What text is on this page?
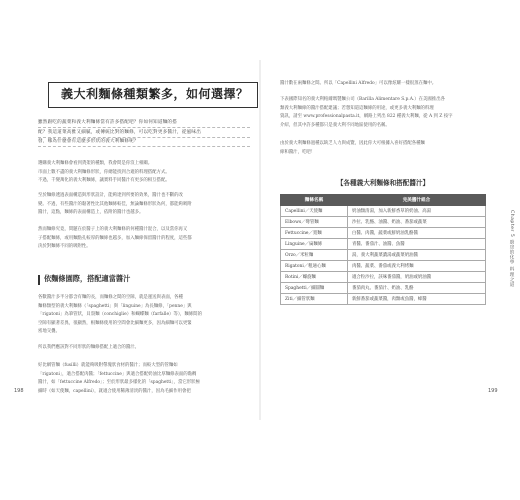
義大利麵條種類繁多，如何選擇？
雖然跟吃的蔬菜和義大利麵條當有許多搭配吧？你如何知道麵的搭
配？我這道菜高雅又細膩，或傳統比對的麵條，可以吃對更多醬汁，從風味出
發，哪為什麼會有這麼多形狀的義大利麵條呢？
選購義大利麵條會看到貨架的種類，我會問是你沒上相關。
市面上數不盡的義大利麵條形狀，你總能找到合適的料理搭配方式。
不過，千變萬化的義大利麵條，讓實料手同醬汁有更多的相互搭配。
至於麵條透過表面構造與形狀設計，能夠達到所要的效果，醬汁也不斷的改
變。不過，有些醬汁的黏著性比其他麵條較佳，無論麵條形狀為何，都能夠吸附
醬汁，這點，麵條的表面構造上，依附的醬汁也越多。
然而麵條究竟，問題在於醬子上的義大利麵條的何種醬汁混合，以及當你再又
子搭配麵條，或用麵點孔較厚的麵條也越多，加入麵條保留醬汁的程度，這些都
決於對麵條不同的吸附性。
依麵條園際，搭配適當醬汁
各數醬汁多半分都含有麵的長，而麵條之間的空隙，就是運送與表面，各種
麵條類型的義大利麵條（「spaghetti」與「linguine」為長麵條，「penne」與
「rigatoni」為筆管狀，貝殼麵（conchiglie）和蝴蝶麵（farfalle）等），麵條間的
空隙有顯著差異，很顯然，根麵條使用的空間會比細麵更多，因為細麵可以更緊
密地交疊。
所以我們應該對不同形狀的麵條搭配上適合的醬汁。
好比網管麵（fusilli）就能夠吸附帶塊狀食材的醬汁；而較大型的管麵如
「rigatoni」，適合搭配肉醬；「fettuccine」與適合搭配奶油比厚麵條表面的黏稠
醬汁，如「fettuccine Alfredo」；至於形狀最多樣化的「spaghetti」，當它形狀極
細時（如天使麵，capellini），就適合使用稀薄清淡的醬汁，因為毛細作用會把
198
醬汁數在兩麵條之間。所以「Capellini Alfredo」可以像炫耀一樣很蒸在麵中。
下表國際知名的義大利帕爾瑪製麵公司（Barilla Alimentare S.p.A.）在美國推出各
類義大利麵條的醬汁搭配建議；若想知道這麵條的用途，或更多義大利麵的料理
資訊，請至 www.professionalpasta.it，網路上列出 822 種義大利麵，從 A 到 Z 按字
介紹，但其中許多種都只是義大利不同地區使用的名稱。
由於義大利麵條過種以缺乏人力與成覽，因此你大可根據入喜好搭配各種麵
條和醬汁，吃吧！
【各種義大利麵條和搭配醬汁】
麵條名稱	完美醬汁組合
Capellini／天使麵	奶油類清湯，加入新鮮香草的奶油、高湯
Elbows／彎管麵	沙拉、乳酪、油醬、奶油、番茄或蔬菜
Fettuccine／寬麵	白醬、肉醬，蔬菜或鮮奶油乳酪醬
Linguine／扁麵條	青醬、番茄汁、油醬、魚醬
Orzo／米粒麵	湯，義大利蔬菜濃湯或蔬菜奶油醬
Rigatoni／粗通心麵	肉醬、蔬菜、番茄或義大利烤麵
Rotini／螺旋麵	適合粒沙拉，該味番茄醬，奶油或奶油醬
Spaghetti／細圓麵	番茄肉丸、番茄汁、奶油、乳酪
Ziti／細管狀麵	新鮮番茄或蔬菜醬，肉類或魚醬，蜂醬
199
Chapter 5 廚房的化學 料理之道
